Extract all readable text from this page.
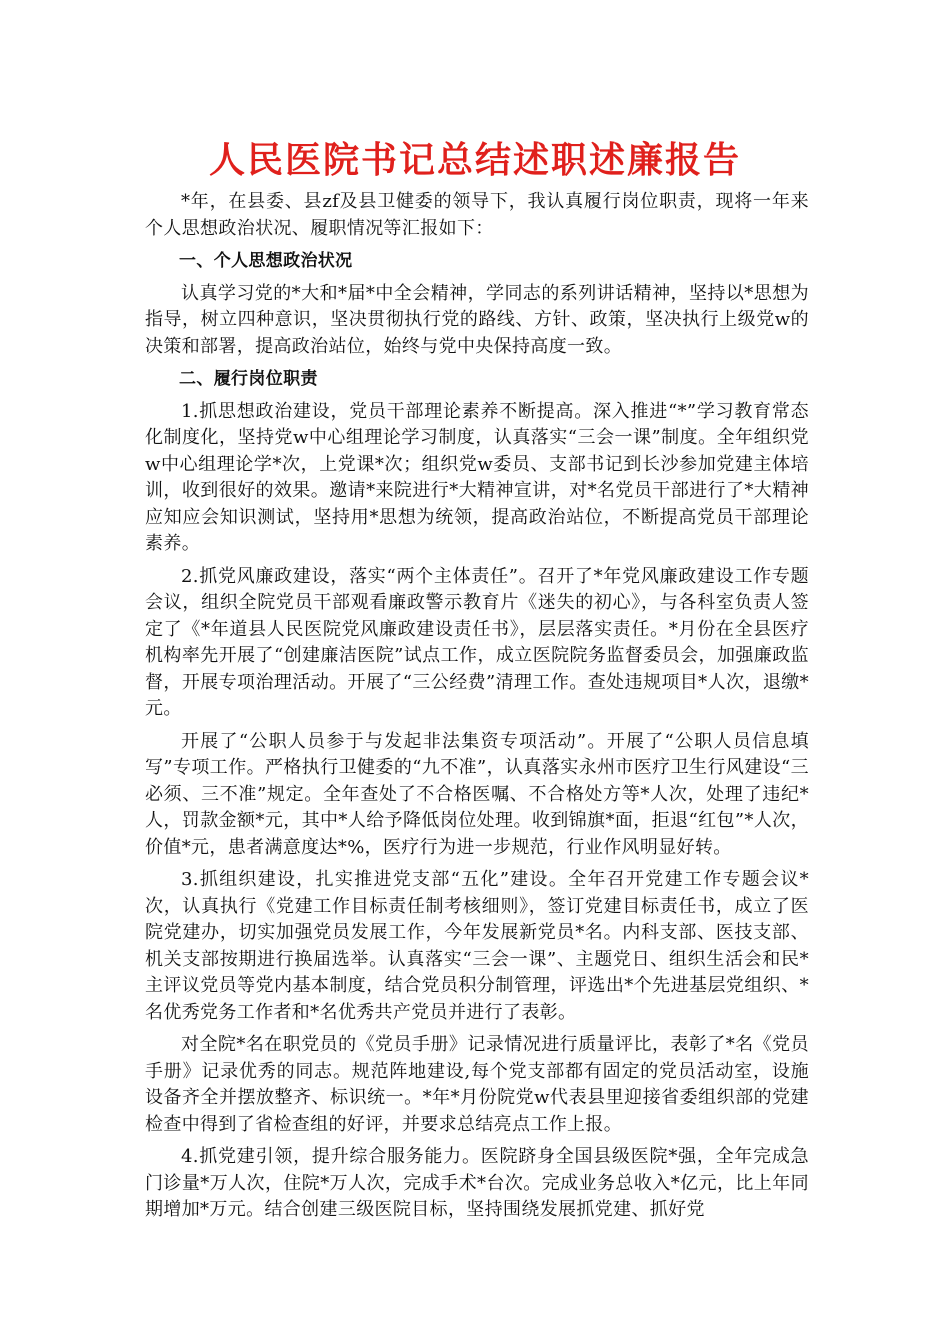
人民医院书记总结述职述廉报告

*年，在县委、县zf及县卫健委的领导下，我认真履行岗位职责，现将一年来个人思想政治状况、履职情况等汇报如下：

一、个人思想政治状况

认真学习党的*大和*届*中全会精神，学同志的系列讲话精神，坚持以*思想为指导，树立四种意识，坚决贯彻执行党的路线、方针、政策，坚决执行上级党w的决策和部署，提高政治站位，始终与党中央保持高度一致。

二、履行岗位职责

1.抓思想政治建设，党员干部理论素养不断提高。深入推进“*”学习教育常态化制度化，坚持党w中心组理论学习制度，认真落实“三会一课”制度。全年组织党w中心组理论学*次，上党课*次；组织党w委员、支部书记到长沙参加党建主体培训，收到很好的效果。邀请*来院进行*大精神宣讲，对*名党员干部进行了*大精神应知应会知识测试，坚持用*思想为统领，提高政治站位，不断提高党员干部理论素养。

2.抓党风廉政建设，落实“两个主体责任”。召开了*年党风廉政建设工作专题会议，组织全院党员干部观看廉政警示教育片《迷失的初心》，与各科室负责人签定了《*年道县人民医院党风廉政建设责任书》，层层落实责任。*月份在全县医疗机构率先开展了“创建廉洁医院”试点工作，成立医院院务监督委员会，加强廉政监督，开展专项治理活动。开展了“三公经费”清理工作。查处违规项目*人次，退缴*元。

开展了“公职人员参于与发起非法集资专项活动”。开展了“公职人员信息填写”专项工作。严格执行卫健委的“九不准”，认真落实永州市医疗卫生行风建设“三必须、三不准”规定。全年查处了不合格医嘱、不合格处方等*人次，处理了违纪*人，罚款金额*元，其中*人给予降低岗位处理。收到锦旗*面，拒退“红包”*人次，价值*元，患者满意度达*%，医疗行为进一步规范，行业作风明显好转。

3.抓组织建设，扎实推进党支部“五化”建设。全年召开党建工作专题会议*次，认真执行《党建工作目标责任制考核细则》，签订党建目标责任书，成立了医院党建办，切实加强党员发展工作，今年发展新党员*名。内科支部、医技支部、机关支部按期进行换届选举。认真落实“三会一课”、主题党日、组织生活会和民*主评议党员等党内基本制度，结合党员积分制管理，评选出*个先进基层党组织、*名优秀党务工作者和*名优秀共产党员并进行了表彰。

对全院*名在职党员的《党员手册》记录情况进行质量评比，表彰了*名《党员手册》记录优秀的同志。规范阵地建设,每个党支部都有固定的党员活动室，设施设备齐全并摆放整齐、标识统一。*年*月份院党w代表县里迎接省委组织部的党建检查中得到了省检查组的好评，并要求总结亮点工作上报。

4.抓党建引领，提升综合服务能力。医院跻身全国县级医院*强，全年完成急门诊量*万人次，住院*万人次，完成手术*台次。完成业务总收入*亿元，比上年同期增加*万元。结合创建三级医院目标，坚持围绕发展抓党建、抓好党
